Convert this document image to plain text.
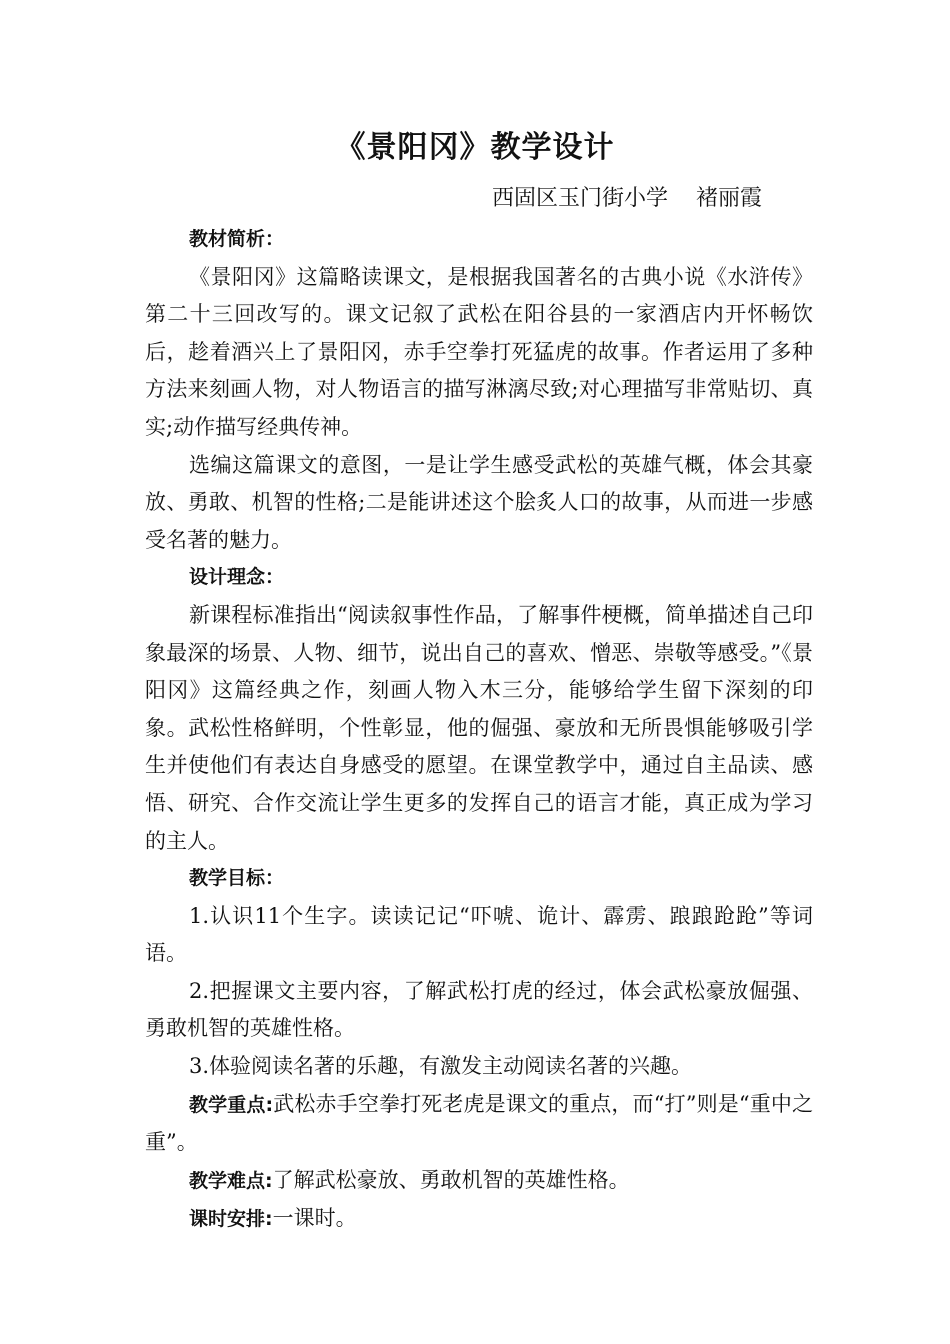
《景阳冈》教学设计
西固区玉门街小学    褚丽霞

教材简析：

《景阳冈》这篇略读课文，是根据我国著名的古典小说《水浒传》第二十三回改写的。课文记叙了武松在阳谷县的一家酒店内开怀畅饮后，趁着酒兴上了景阳冈，赤手空拳打死猛虎的故事。作者运用了多种方法来刻画人物，对人物语言的描写淋漓尽致;对心理描写非常贴切、真实;动作描写经典传神。

选编这篇课文的意图，一是让学生感受武松的英雄气概，体会其豪放、勇敢、机智的性格;二是能讲述这个脍炙人口的故事，从而进一步感受名著的魅力。

设计理念：

新课程标准指出“阅读叙事性作品，了解事件梗概，简单描述自己印象最深的场景、人物、细节，说出自己的喜欢、憎恶、崇敬等感受。”《景阳冈》这篇经典之作，刻画人物入木三分，能够给学生留下深刻的印象。武松性格鲜明，个性彰显，他的倔强、豪放和无所畏惧能够吸引学生并使他们有表达自身感受的愿望。在课堂教学中，通过自主品读、感悟、研究、合作交流让学生更多的发挥自己的语言才能，真正成为学习的主人。

教学目标：

1.认识11个生字。读读记记“吓唬、诡计、霹雳、踉踉跄跄”等词语。

2.把握课文主要内容，了解武松打虎的经过，体会武松豪放倔强、勇敢机智的英雄性格。

3.体验阅读名著的乐趣，有激发主动阅读名著的兴趣。

教学重点:武松赤手空拳打死老虎是课文的重点，而“打”则是“重中之重”。

教学难点:了解武松豪放、勇敢机智的英雄性格。

课时安排:一课时。
